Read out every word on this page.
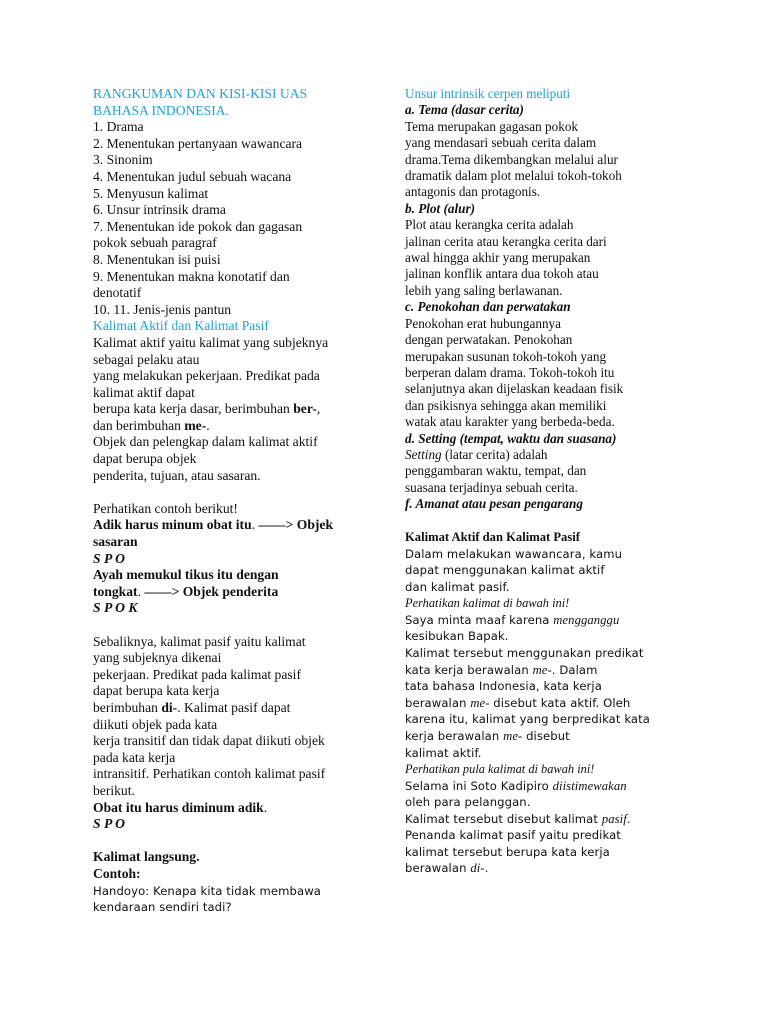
RANGKUMAN DAN KISI-KISI UAS
BAHASA INDONESIA.
1. Drama
2. Menentukan pertanyaan wawancara
3. Sinonim
4. Menentukan judul sebuah wacana
5. Menyusun kalimat
6. Unsur intrinsik drama
7. Menentukan ide pokok dan gagasan
pokok sebuah paragraf
8. Menentukan isi puisi
9. Menentukan makna konotatif dan
denotatif
10. 11. Jenis-jenis pantun
Kalimat Aktif dan Kalimat Pasif
Kalimat aktif yaitu kalimat yang subjeknya
sebagai pelaku atau
yang melakukan pekerjaan. Predikat pada
kalimat aktif dapat
berupa kata kerja dasar, berimbuhan ber-,
dan berimbuhan me-.
Objek dan pelengkap dalam kalimat aktif
dapat berupa objek
penderita, tujuan, atau sasaran.
Perhatikan contoh berikut!
Adik harus minum obat itu. ––—> Objek
sasaran
S P O
Ayah memukul tikus itu dengan
tongkat. ––—> Objek penderita
S P O K
Sebaliknya, kalimat pasif yaitu kalimat
yang subjeknya dikenai
pekerjaan. Predikat pada kalimat pasif
dapat berupa kata kerja
berimbuhan di-. Kalimat pasif dapat
diikuti objek pada kata
kerja transitif dan tidak dapat diikuti objek
pada kata kerja
intransitif. Perhatikan contoh kalimat pasif
berikut.
Obat itu harus diminum adik.
S P O
Kalimat langsung.
Contoh:
Handoyo: Kenapa kita tidak membawa
kendaraan sendiri tadi?
Unsur intrinsik cerpen meliputi
a. Tema (dasar cerita)
Tema merupakan gagasan pokok
yang mendasari sebuah cerita dalam
drama.Tema dikembangkan melalui alur
dramatik dalam plot melalui tokoh-tokoh
antagonis dan protagonis.
b. Plot (alur)
Plot atau kerangka cerita adalah
jalinan cerita atau kerangka cerita dari
awal hingga akhir yang merupakan
jalinan konflik antara dua tokoh atau
lebih yang saling berlawanan.
c. Penokohan dan perwatakan
Penokohan erat hubungannya
dengan perwatakan. Penokohan
merupakan susunan tokoh-tokoh yang
berperan dalam drama. Tokoh-tokoh itu
selanjutnya akan dijelaskan keadaan fisik
dan psikisnya sehingga akan memiliki
watak atau karakter yang berbeda-beda.
d. Setting (tempat, waktu dan suasana)
Setting (latar cerita) adalah
penggambaran waktu, tempat, dan
suasana terjadinya sebuah cerita.
f. Amanat atau pesan pengarang
Kalimat Aktif dan Kalimat Pasif
Dalam melakukan wawancara, kamu
dapat menggunakan kalimat aktif
dan kalimat pasif.
Perhatikan kalimat di bawah ini!
Saya minta maaf karena mengganggu
kesibukan Bapak.
Kalimat tersebut menggunakan predikat
kata kerja berawalan me-. Dalam
tata bahasa Indonesia, kata kerja
berawalan me- disebut kata aktif. Oleh
karena itu, kalimat yang berpredikat kata
kerja berawalan me- disebut
kalimat aktif.
Perhatikan pula kalimat di bawah ini!
Selama ini Soto Kadipiro diistimewakan
oleh para pelanggan.
Kalimat tersebut disebut kalimat pasif.
Penanda kalimat pasif yaitu predikat
kalimat tersebut berupa kata kerja
berawalan di-.
